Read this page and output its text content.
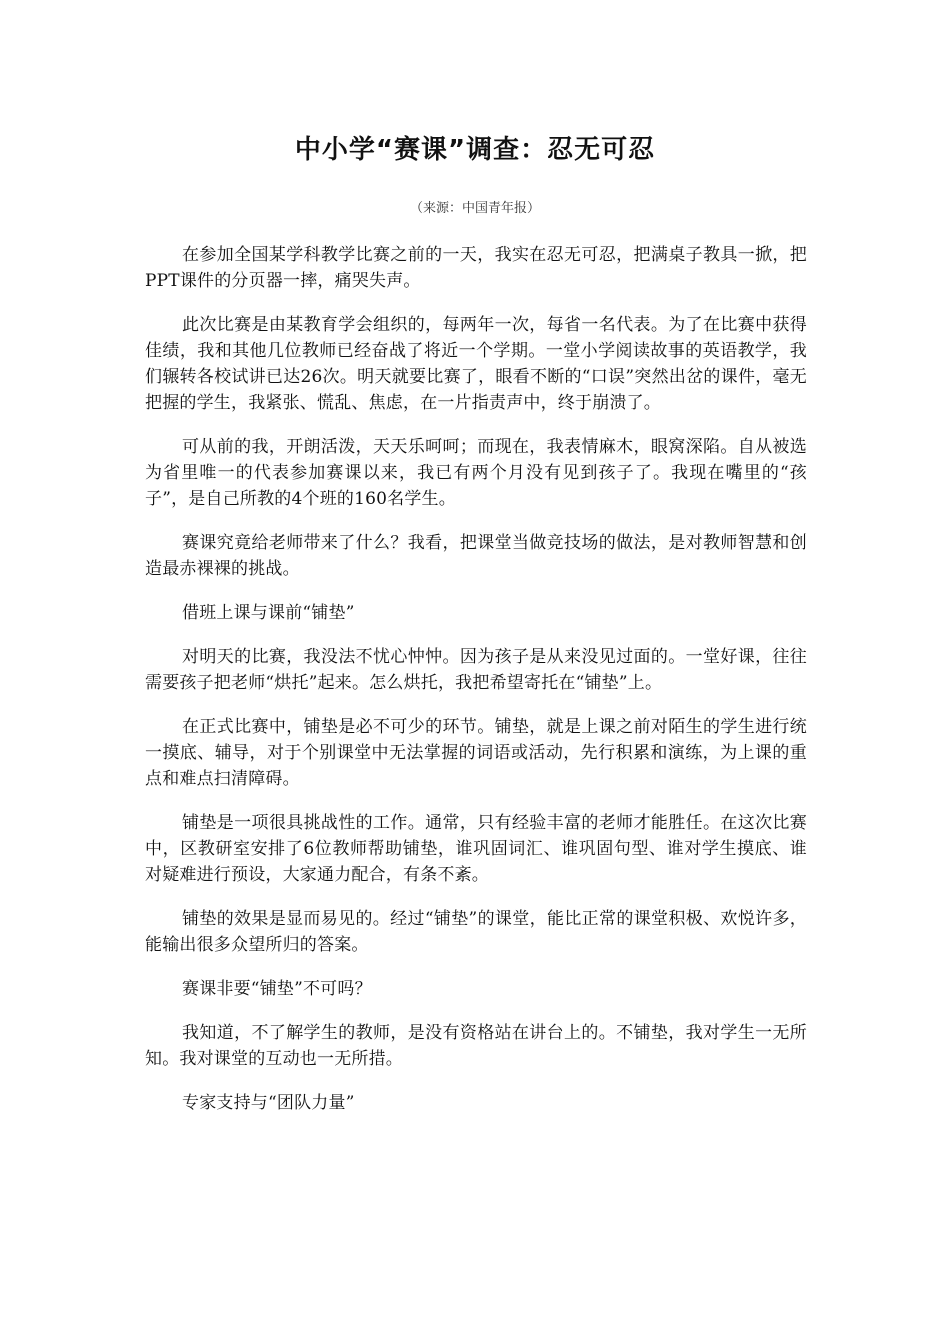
中小学“赛课”调查：忍无可忍

（来源：中国青年报）

在参加全国某学科教学比赛之前的一天，我实在忍无可忍，把满桌子教具一掀，把PPT课件的分页器一摔，痛哭失声。

此次比赛是由某教育学会组织的，每两年一次，每省一名代表。为了在比赛中获得佳绩，我和其他几位教师已经奋战了将近一个学期。一堂小学阅读故事的英语教学，我们辗转各校试讲已达26次。明天就要比赛了，眼看不断的“口误”突然出岔的课件，毫无把握的学生，我紧张、慌乱、焦虑，在一片指责声中，终于崩溃了。

可从前的我，开朗活泼，天天乐呵呵；而现在，我表情麻木，眼窝深陷。自从被选为省里唯一的代表参加赛课以来，我已有两个月没有见到孩子了。我现在嘴里的“孩子”，是自己所教的4个班的160名学生。

赛课究竟给老师带来了什么？我看，把课堂当做竞技场的做法，是对教师智慧和创造最赤裸裸的挑战。

借班上课与课前“铺垫”

对明天的比赛，我没法不忧心忡忡。因为孩子是从来没见过面的。一堂好课，往往需要孩子把老师“烘托”起来。怎么烘托，我把希望寄托在“铺垫”上。

在正式比赛中，铺垫是必不可少的环节。铺垫，就是上课之前对陌生的学生进行统一摸底、辅导，对于个别课堂中无法掌握的词语或活动，先行积累和演练，为上课的重点和难点扫清障碍。

铺垫是一项很具挑战性的工作。通常，只有经验丰富的老师才能胜任。在这次比赛中，区教研室安排了6位教师帮助铺垫，谁巩固词汇、谁巩固句型、谁对学生摸底、谁对疑难进行预设，大家通力配合，有条不紊。

铺垫的效果是显而易见的。经过“铺垫”的课堂，能比正常的课堂积极、欢悦许多，能输出很多众望所归的答案。

赛课非要“铺垫”不可吗？

我知道，不了解学生的教师，是没有资格站在讲台上的。不铺垫，我对学生一无所知。我对课堂的互动也一无所措。

专家支持与“团队力量”
